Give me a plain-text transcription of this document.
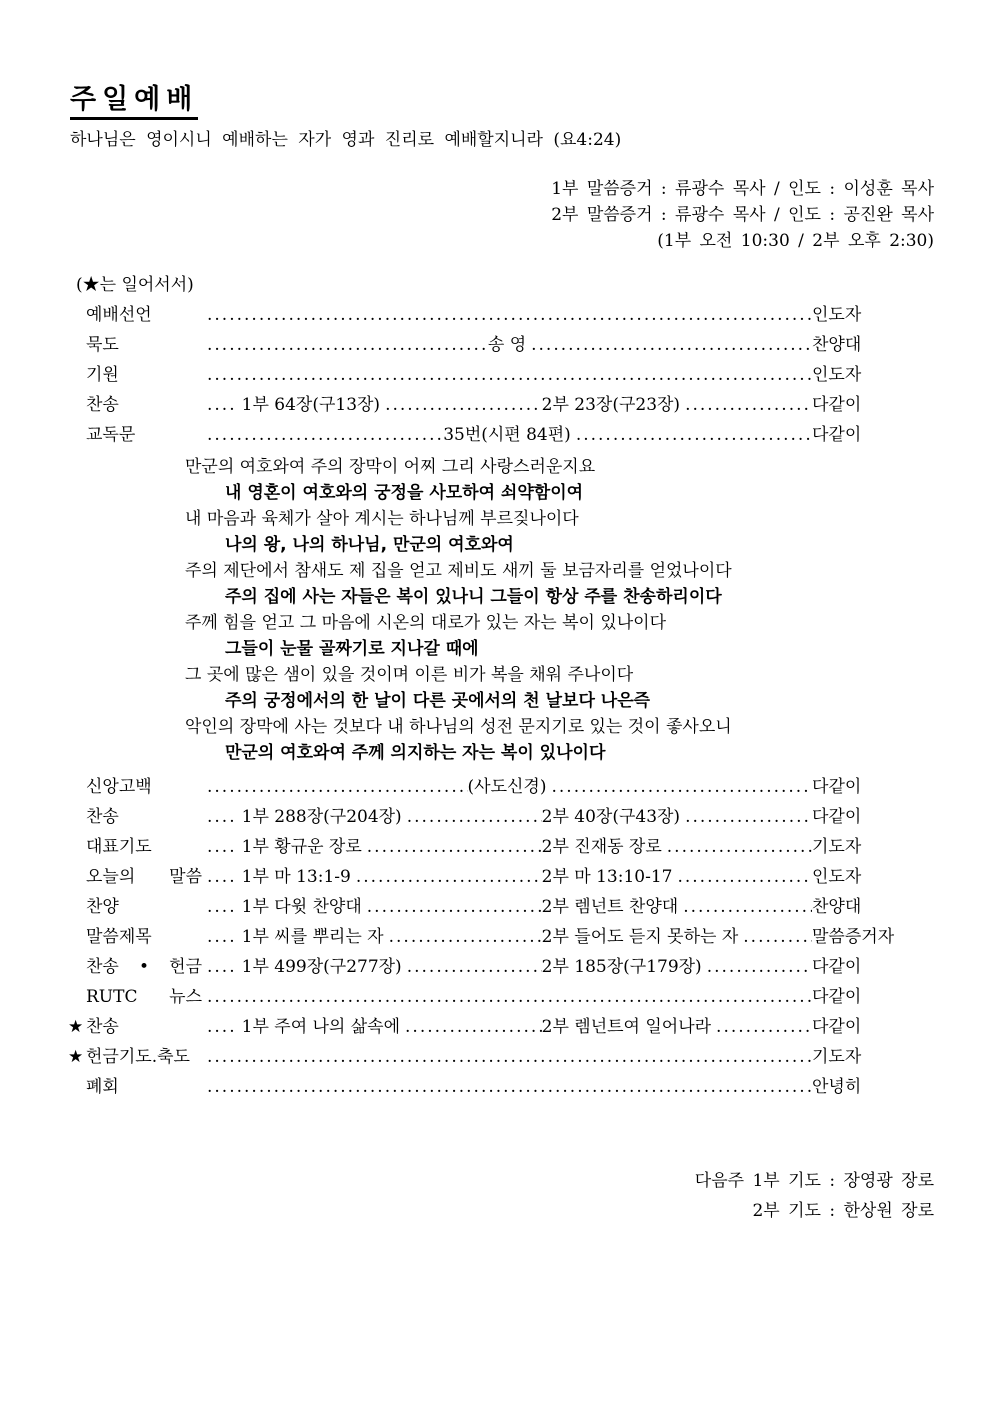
주일예배
하나님은 영이시니 예배하는 자가 영과 진리로 예배할지니라 (요4:24)
1부 말씀증거 : 류광수 목사 / 인도 : 이성훈 목사
2부 말씀증거 : 류광수 목사 / 인도 : 공진완 목사
(1부 오전 10:30 / 2부 오후 2:30)
(★는 일어서서)
예배선언 .....	인도자
묵도 .....	송 영 .....	찬양대
기원 .....	인도자
찬송 ....	1부 64장(구13장) .....	2부 23장(구23장) .....	다같이
교독문 .....	35번(시편 84편) .....	다같이
만군의 여호와여 주의 장막이 어찌 그리 사랑스러운지요
내 영혼이 여호와의 궁정을 사모하여 쇠약함이여
내 마음과 육체가 살아 계시는 하나님께 부르짖나이다
나의 왕, 나의 하나님, 만군의 여호와여
주의 제단에서 참새도 제 집을 얻고 제비도 새끼 둘 보금자리를 얻었나이다
주의 집에 사는 자들은 복이 있나니 그들이 항상 주를 찬송하리이다
주께 힘을 얻고 그 마음에 시온의 대로가 있는 자는 복이 있나이다
그들이 눈물 골짜기로 지나갈 때에
그 곳에 많은 샘이 있을 것이며 이른 비가 복을 채워 주나이다
주의 궁정에서의 한 날이 다른 곳에서의 천 날보다 나은즉
악인의 장막에 사는 것보다 내 하나님의 성전 문지기로 있는 것이 좋사오니
만군의 여호와여 주께 의지하는 자는 복이 있나이다
신앙고백 .....	(사도신경) .....	다같이
찬송 ....	1부 288장(구204장) .....	2부 40장(구43장) .....	다같이
대표기도 ....	1부 황규운 장로 .....	2부 진재동 장로 .....	기도자
오늘의 말씀 .... 1부 마 13:1-9 .....	2부 마 13:10-17 .....	인도자
찬양 ....	1부 다윗 찬양대 .....	2부 렘넌트 찬양대 .....	찬양대
말씀제목 ....	1부 씨를 뿌리는 자 .....	2부 들어도 듣지 못하는 자 .....	말씀증거자
찬송 • 헌금 .... 1부 499장(구277장) .....	2부 185장(구179장) .....	다같이
RUTC 뉴스 .....	다같이
★ 찬송 ....	1부 주여 나의 삶속에 .....	2부 렘넌트여 일어나라 .....	다같이
★ 헌금기도.축도 .....	기도자
폐회 .....	안녕히
다음주 1부 기도 : 장영광 장로
2부 기도 : 한상원 장로
